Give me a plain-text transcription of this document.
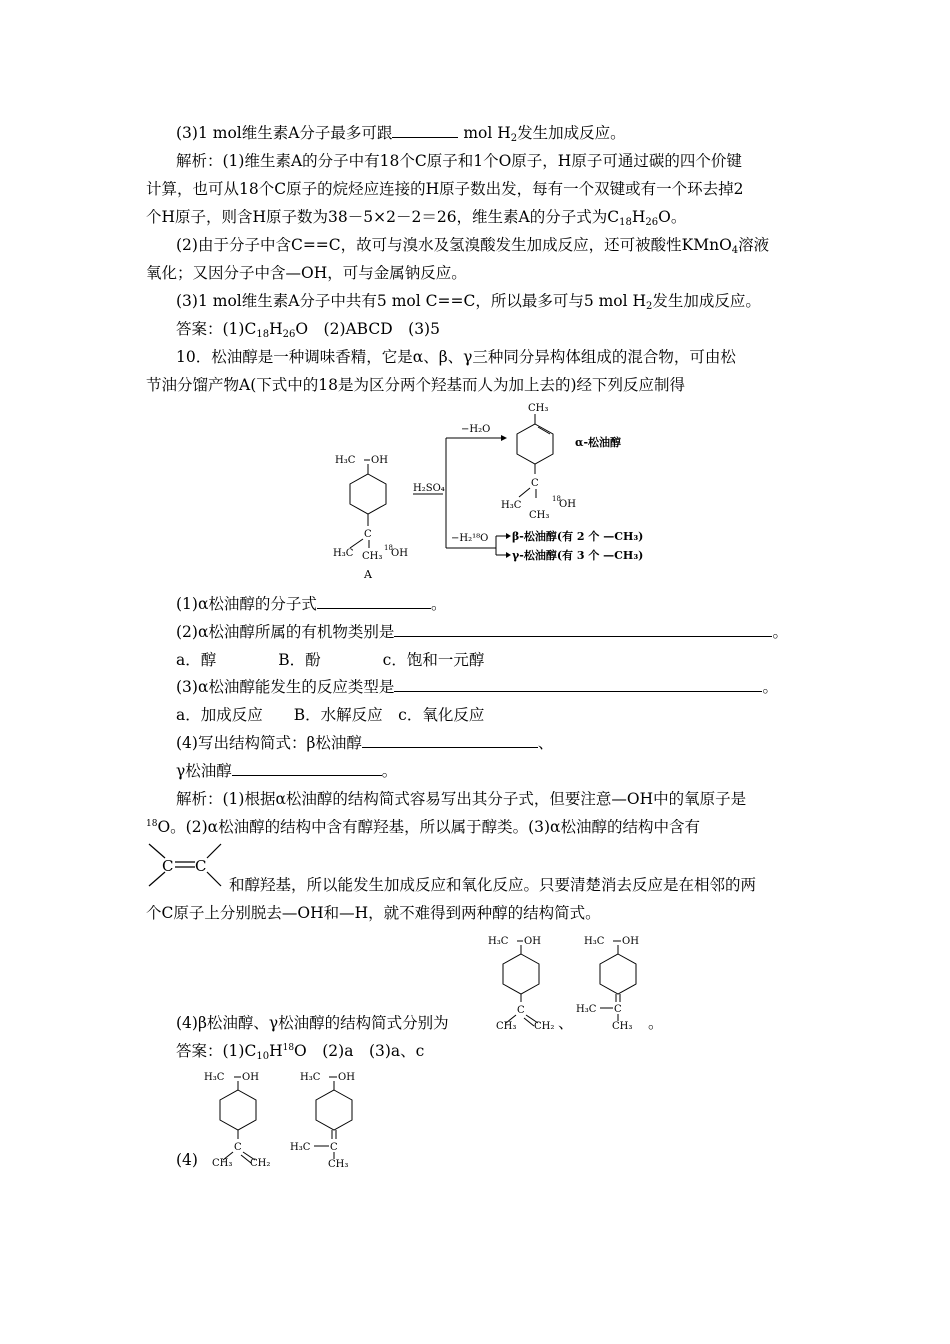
(3)1 mol维生素A分子最多可跟	mol $H_2$发生加成反应。
解析：(1)维生素A的分子中有18个C原子和1个O原子，H原子可通过碳的四个价键
计算，也可从18个C原子的烷烃应连接的H原子数出发，每有一个双键或有一个环去掉2
个H原子，则含H原子数为38－5×2－2＝26，维生素A的分子式为$C_{18}H_{26}O$。
(2)由于分子中含C==C，故可与溴水及氢溴酸发生加成反应，还可被酸性KMnO$_4$溶液
氧化；又因分子中含—OH，可与金属钠反应。
(3)1 mol维生素A分子中共有5 mol C==C，所以最多可与5 mol $H_2$发生加成反应。
答案：$(1)C_{18}H_{26}O$　(2)ABCD　(3)5
10．松油醇是一种调味香精，它是α、β、γ三种同分异构体组成的混合物，可由松
节油分馏产物A(下式中的18是为区分两个羟基而人为加上去的)经下列反应制得
H₃C OH
C
H₃C CH₃
18
OH
A
H₂SO₄
−H₂O
CH₃
C
H₃C
CH₃
18
OH
α-松油醇
−H₂¹⁸O β-松油醇(有 2 个 —CH₃)
γ-松油醇(有 3 个 —CH₃)
(1)α松油醇的分子式	。
(2)α松油醇所属的有机物类别是	。
a．醇　　　　B．酚　　　　c．饱和一元醇
(3)α松油醇能发生的反应类型是	。
a．加成反应　　B．水解反应　c．氧化反应
(4)写出结构简式：β松油醇	、
γ松油醇	。
解析：(1)根据α松油醇的结构简式容易写出其分子式，但要注意—OH中的氧原子是
$^{18}$O。(2)α松油醇的结构中含有醇羟基，所以属于醇类。(3)α松油醇的结构中含有
C C
和醇羟基，所以能发生加成反应和氧化反应。只要清楚消去反应是在相邻的两
个C原子上分别脱去—OH和—H，就不难得到两种醇的结构简式。
H₃C OH
C
CH₃ CH₂
H₃C OH
C
H₃C
CH₃
(4)β松油醇、γ松油醇的结构简式分别为	、	。
答案：$(1)C_{10}H^{18}O$　(2)a　(3)a、c
H₃C OH
C
CH₃ CH₂
H₃C OH
C
H₃C
CH₃
(4)
